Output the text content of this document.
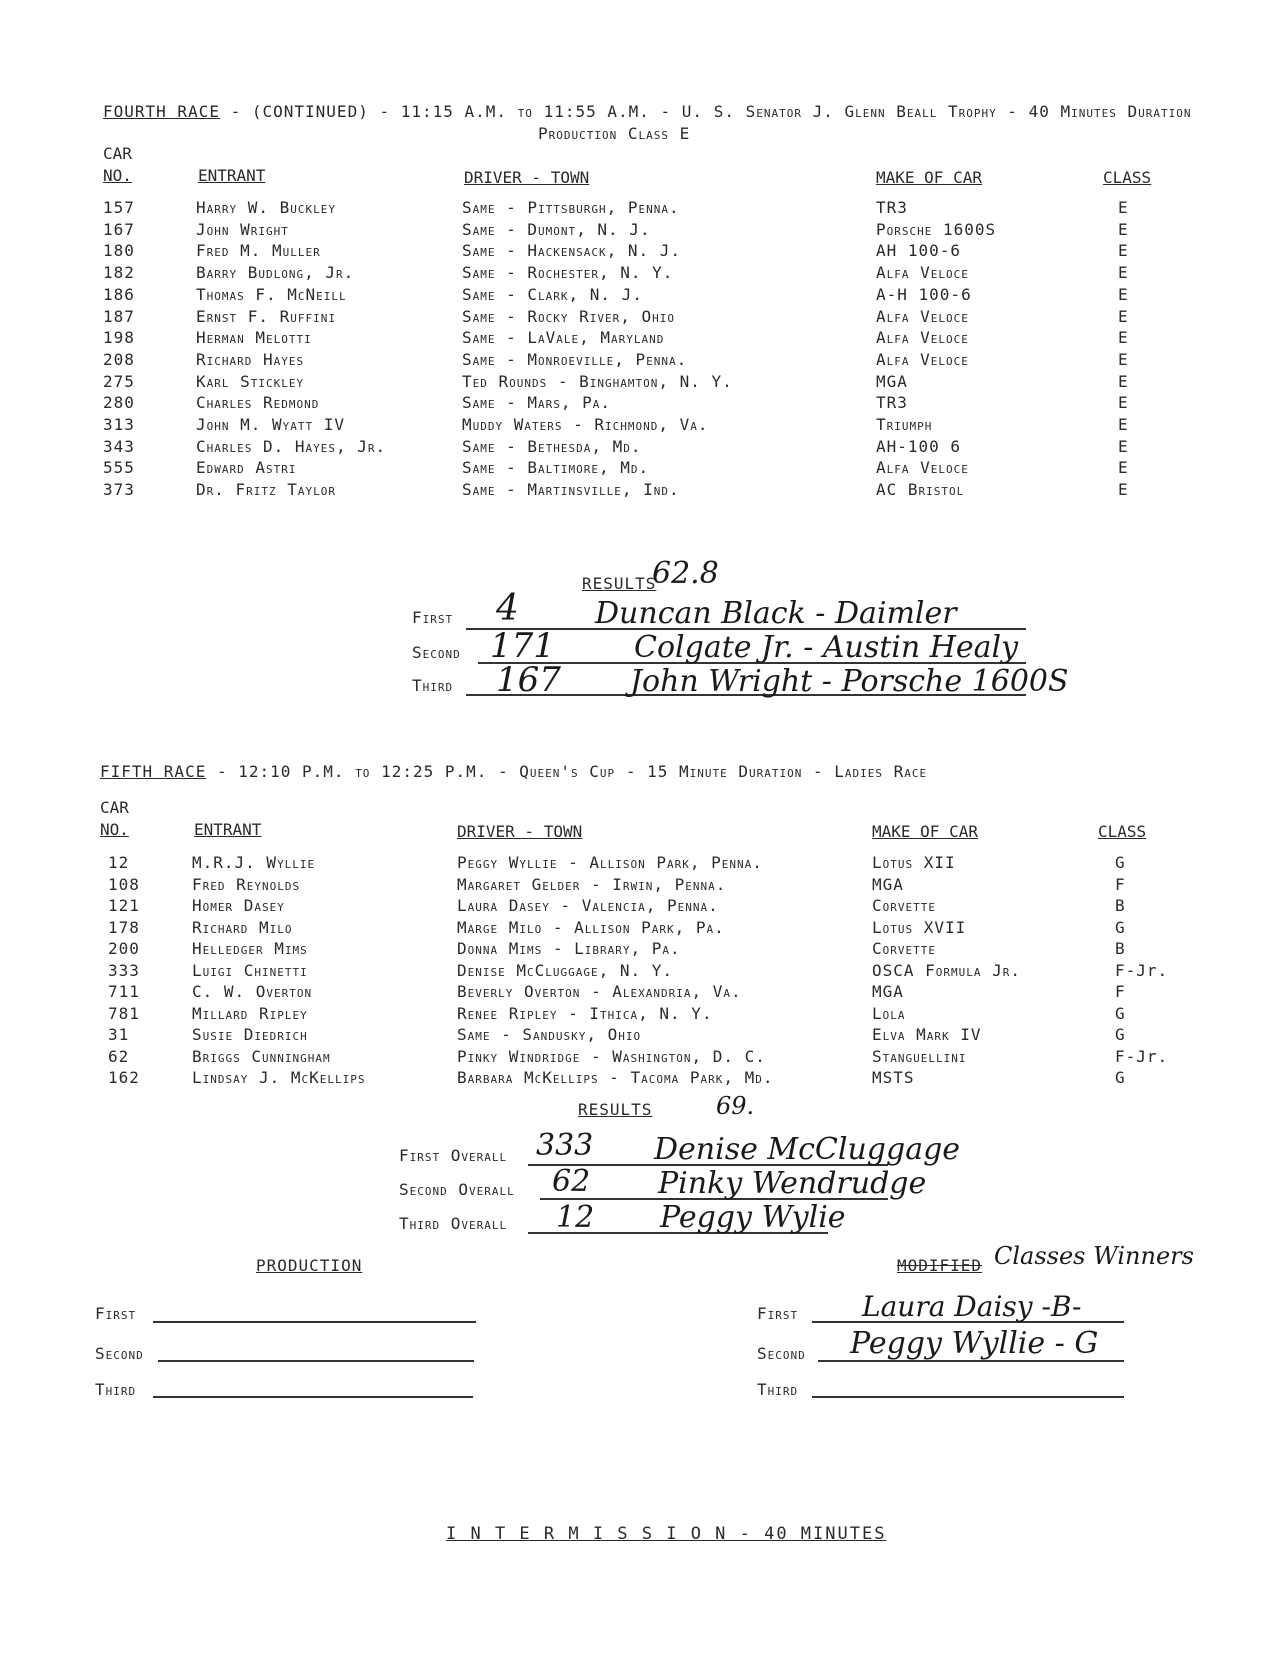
FOURTH RACE - (CONTINUED) - 11:15 A.M. to 11:55 A.M. - U. S. Senator J. Glenn Beall Trophy - 40 Minutes Duration
Production Class E
CAR
NO.	ENTRANT	DRIVER - TOWN	MAKE OF CAR	CLASS
157	Harry W. Buckley	Same - Pittsburgh, Penna.	TR3	E
167	John Wright	Same - Dumont, N. J.	Porsche 1600S	E
180	Fred M. Muller	Same - Hackensack, N. J.	AH 100-6	E
182	Barry Budlong, Jr.	Same - Rochester, N. Y.	Alfa Veloce	E
186	Thomas F. McNeill	Same - Clark, N. J.	A-H 100-6	E
187	Ernst F. Ruffini	Same - Rocky River, Ohio	Alfa Veloce	E
198	Herman Melotti	Same - LaVale, Maryland	Alfa Veloce	E
208	Richard Hayes	Same - Monroeville, Penna.	Alfa Veloce	E
275	Karl Stickley	Ted Rounds - Binghamton, N. Y.	MGA	E
280	Charles Redmond	Same - Mars, Pa.	TR3	E
313	John M. Wyatt IV	Muddy Waters - Richmond, Va.	Triumph	E
343	Charles D. Hayes, Jr.	Same - Bethesda, Md.	AH-100 6	E
555	Edward Astri	Same - Baltimore, Md.	Alfa Veloce	E
373	Dr. Fritz Taylor	Same - Martinsville, Ind.	AC Bristol	E
RESULTS
62.8
First 4	Duncan Black - Daimler
Second 171	Colgate Jr. - Austin Healy
Third 167 John Wright - Porsche 1600S
FIFTH RACE - 12:10 P.M. to 12:25 P.M. - Queen's Cup - 15 Minute Duration - Ladies Race
CAR
NO.	ENTRANT	DRIVER - TOWN	MAKE OF CAR	CLASS
12	M.R.J. Wyllie	Peggy Wyllie - Allison Park, Penna.	Lotus XII	G
108	Fred Reynolds	Margaret Gelder - Irwin, Penna.	MGA	F
121	Homer Dasey	Laura Dasey - Valencia, Penna.	Corvette	B
178	Richard Milo	Marge Milo - Allison Park, Pa.	Lotus XVII	G
200	Helledger Mims	Donna Mims - Library, Pa.	Corvette	B
333	Luigi Chinetti	Denise McCluggage, N. Y.	OSCA Formula Jr.	F-Jr.
711	C. W. Overton	Beverly Overton - Alexandria, Va.	MGA	F
781	Millard Ripley	Renee Ripley - Ithica, N. Y.	Lola	G
31	Susie Diedrich	Same - Sandusky, Ohio	Elva Mark IV	G
62	Briggs Cunningham	Pinky Windridge - Washington, D. C.	Stanguellini	F-Jr.
162	Lindsay J. McKellips	Barbara McKellips - Tacoma Park, Md.	MSTS	G
RESULTS	69.
First Overall 333 Denise McCluggage
Second Overall 62 Pinky Wendrudge
Third Overall 12 Peggy Wylie
PRODUCTION
First
Second
Third
MODIFIED Classes Winners
First Laura Daisy -B-
Second Peggy Wyllie - G
Third
I N T E R M I S S I O N - 40 MINUTES
